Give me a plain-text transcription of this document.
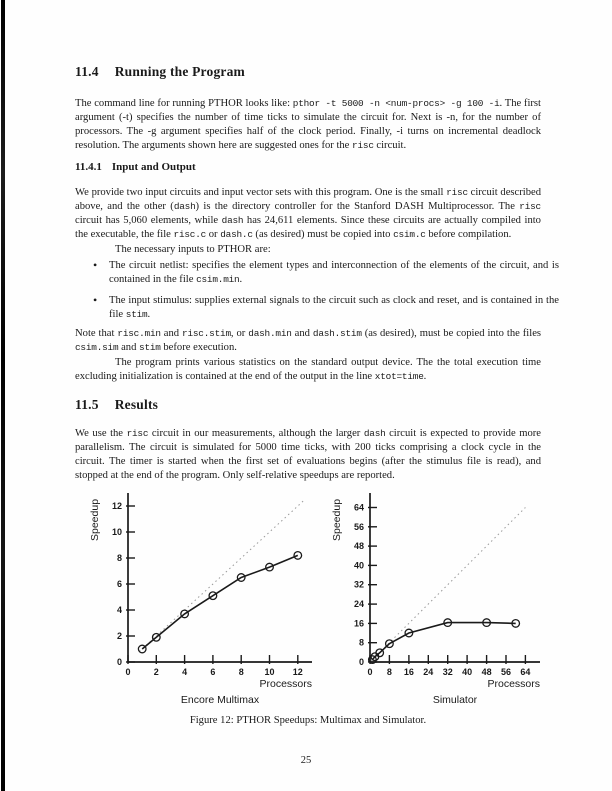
11.4 Running the Program

The command line for running PTHOR looks like: pthor -t 5000 -n <num-procs> -g 100 -i. The first argument (-t) specifies the number of time ticks to simulate the circuit for. Next is -n, for the number of processors. The -g argument specifies half of the clock period. Finally, -i turns on incremental deadlock resolution. The arguments shown here are suggested ones for the risc circuit.

11.4.1 Input and Output

We provide two input circuits and input vector sets with this program. One is the small risc circuit described above, and the other (dash) is the directory controller for the Stanford DASH Multiprocessor. The risc circuit has 5,060 elements, while dash has 24,611 elements. Since these circuits are actually compiled into the executable, the file risc.c or dash.c (as desired) must be copied into csim.c before compilation.

The necessary inputs to PTHOR are:

• The circuit netlist: specifies the element types and interconnection of the elements of the circuit, and is contained in the file csim.min.
• The input stimulus: supplies external signals to the circuit such as clock and reset, and is contained in the file stim.

Note that risc.min and risc.stim, or dash.min and dash.stim (as desired), must be copied into the files csim.sim and stim before execution.

The program prints various statistics on the standard output device. The the total execution time excluding initialization is contained at the end of the output in the line xtot=time.

11.5 Results

We use the risc circuit in our measurements, although the larger dash circuit is expected to provide more parallelism. The circuit is simulated for 5000 time ticks, with 200 ticks comprising a clock cycle in the circuit. The timer is started when the first set of evaluations begins (after the stimulus file is read), and stopped at the end of the program. Only self-relative speedups are reported.

0	2	4	6	8 10 12
0
2
4
6
8
10
12
Processors
Speedup
0 8 16 24 32 40 48 56 64
0
8
16
24
32
40
48
56
64
Processors
Speedup
Encore Multimax	Simulator
Figure 12: PTHOR Speedups: Multimax and Simulator.
25
